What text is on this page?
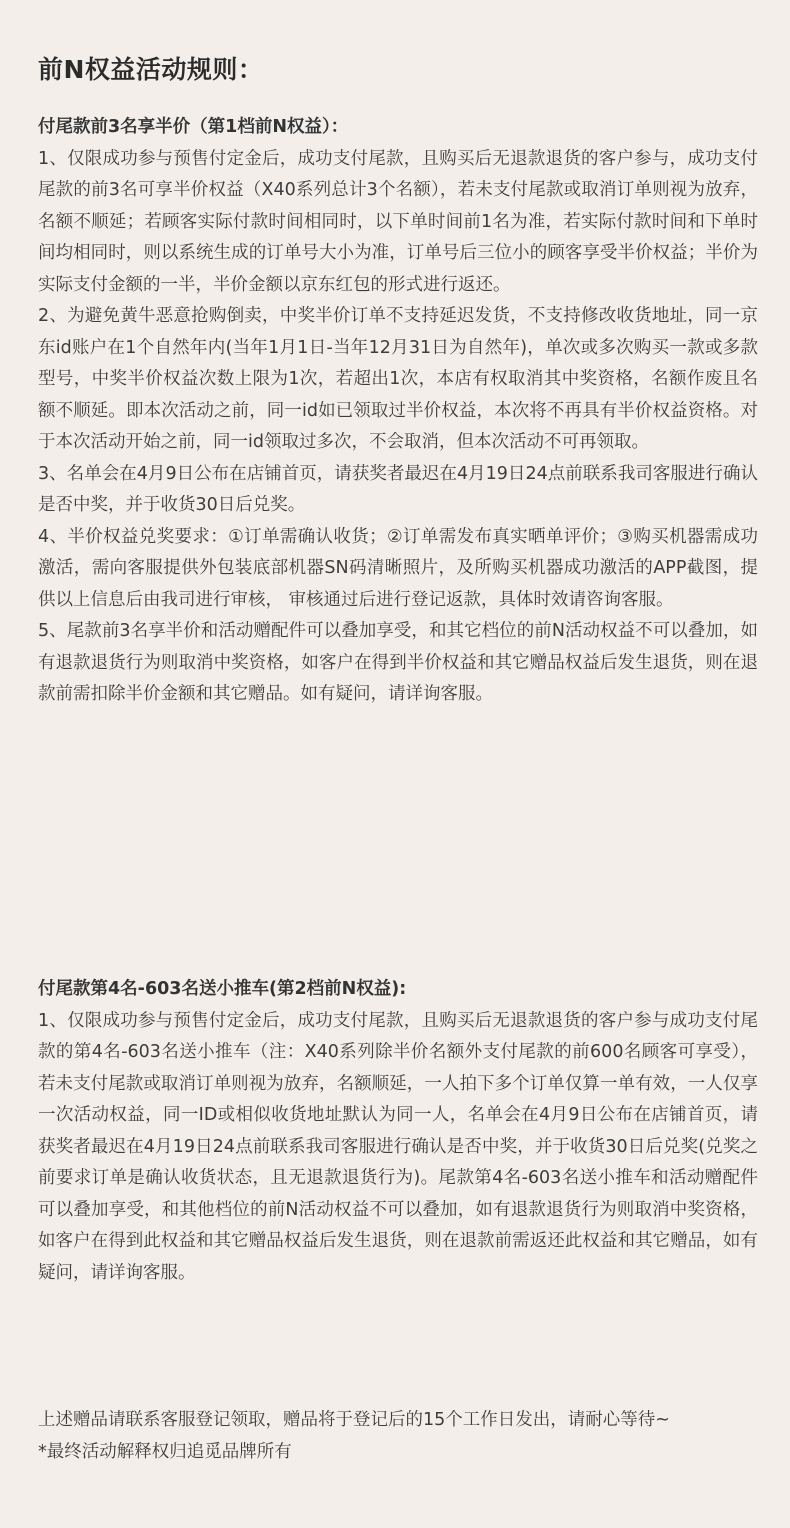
前N权益活动规则：
付尾款前3名享半价（第1档前N权益）：

1、仅限成功参与预售付定金后，成功支付尾款，且购买后无退款退货的客户参与，成功支付尾款的前3名可享半价权益（X40系列总计3个名额），若未支付尾款或取消订单则视为放弃，名额不顺延；若顾客实际付款时间相同时，以下单时间前1名为准，若实际付款时间和下单时间均相同时，则以系统生成的订单号大小为准，订单号后三位小的顾客享受半价权益；半价为实际支付金额的一半，半价金额以京东红包的形式进行返还。

2、为避免黄牛恶意抢购倒卖，中奖半价订单不支持延迟发货，不支持修改收货地址，同一京东id账户在1个自然年内(当年1月1日-当年12月31日为自然年)，单次或多次购买一款或多款型号，中奖半价权益次数上限为1次，若超出1次，本店有权取消其中奖资格，名额作废且名额不顺延。即本次活动之前，同一id如已领取过半价权益，本次将不再具有半价权益资格。对于本次活动开始之前，同一id领取过多次，不会取消，但本次活动不可再领取。

3、名单会在4月9日公布在店铺首页，请获奖者最迟在4月19日24点前联系我司客服进行确认是否中奖，并于收货30日后兑奖。

4、半价权益兑奖要求：①订单需确认收货；②订单需发布真实晒单评价；③购买机器需成功激活，需向客服提供外包装底部机器SN码清晰照片，及所购买机器成功激活的APP截图，提供以上信息后由我司进行审核， 审核通过后进行登记返款，具体时效请咨询客服。

5、尾款前3名享半价和活动赠配件可以叠加享受，和其它档位的前N活动权益不可以叠加，如有退款退货行为则取消中奖资格，如客户在得到半价权益和其它赠品权益后发生退货，则在退款前需扣除半价金额和其它赠品。如有疑问，请详询客服。

付尾款第4名-603名送小推车(第2档前N权益):

1、仅限成功参与预售付定金后，成功支付尾款，且购买后无退款退货的客户参与成功支付尾款的第4名-603名送小推车（注：X40系列除半价名额外支付尾款的前600名顾客可享受），若未支付尾款或取消订单则视为放弃，名额顺延，一人拍下多个订单仅算一单有效，一人仅享一次活动权益，同一ID或相似收货地址默认为同一人，名单会在4月9日公布在店铺首页，请获奖者最迟在4月19日24点前联系我司客服进行确认是否中奖，并于收货30日后兑奖(兑奖之前要求订单是确认收货状态，且无退款退货行为)。尾款第4名-603名送小推车和活动赠配件可以叠加享受，和其他档位的前N活动权益不可以叠加，如有退款退货行为则取消中奖资格，如客户在得到此权益和其它赠品权益后发生退货，则在退款前需返还此权益和其它赠品，如有疑问，请详询客服。

上述赠品请联系客服登记领取，赠品将于登记后的15个工作日发出，请耐心等待~

*最终活动解释权归追觅品牌所有
